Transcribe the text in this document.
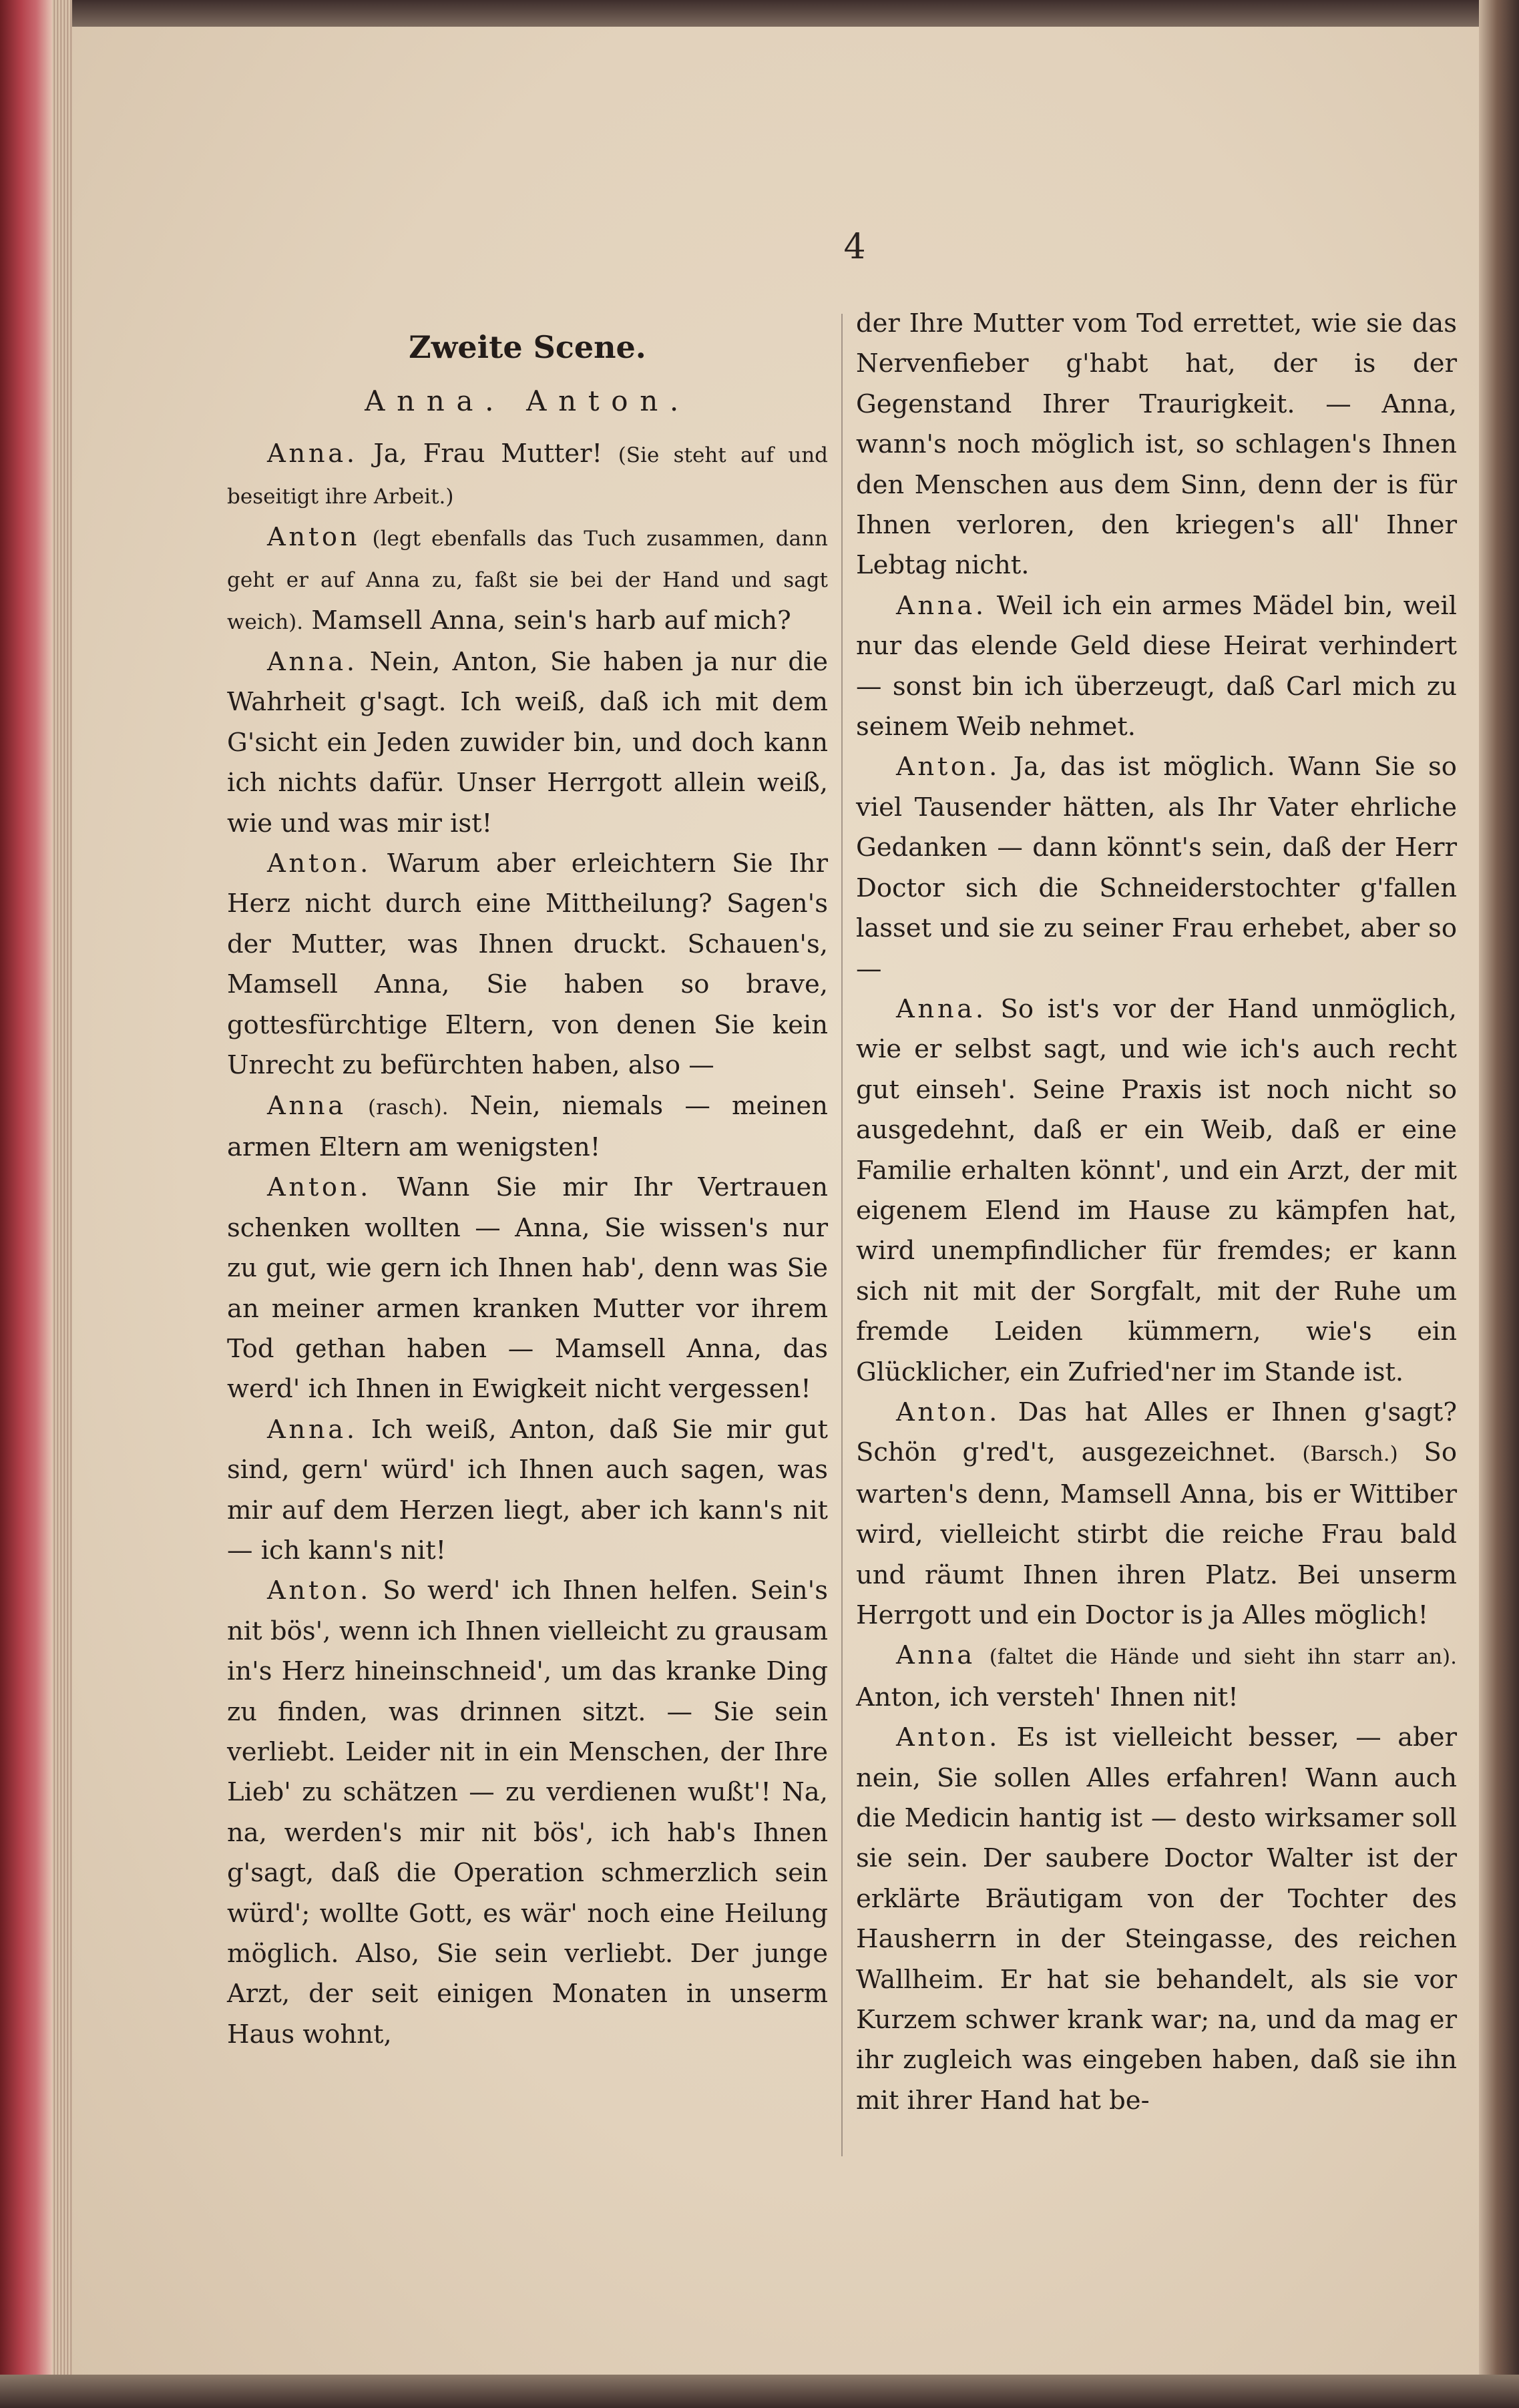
4
Zweite Scene.
Anna. Anton.

Anna. Ja, Frau Mutter! (Sie steht auf und beseitigt ihre Arbeit.)

Anton (legt ebenfalls das Tuch zusammen, dann geht er auf Anna zu, faßt sie bei der Hand und sagt weich). Mamsell Anna, sein's harb auf mich?

Anna. Nein, Anton, Sie haben ja nur die Wahrheit g'sagt. Ich weiß, daß ich mit dem G'sicht ein Jeden zuwider bin, und doch kann ich nichts dafür. Unser Herrgott allein weiß, wie und was mir ist!

Anton. Warum aber erleichtern Sie Ihr Herz nicht durch eine Mittheilung? Sagen's der Mutter, was Ihnen druckt. Schauen's, Mamsell Anna, Sie haben so brave, gottesfürchtige Eltern, von denen Sie kein Unrecht zu befürchten haben, also —

Anna (rasch). Nein, niemals — meinen armen Eltern am wenigsten!

Anton. Wann Sie mir Ihr Vertrauen schenken wollten — Anna, Sie wissen's nur zu gut, wie gern ich Ihnen hab', denn was Sie an meiner armen kranken Mutter vor ihrem Tod gethan haben — Mamsell Anna, das werd' ich Ihnen in Ewigkeit nicht vergessen!

Anna. Ich weiß, Anton, daß Sie mir gut sind, gern' würd' ich Ihnen auch sagen, was mir auf dem Herzen liegt, aber ich kann's nit — ich kann's nit!

Anton. So werd' ich Ihnen helfen. Sein's nit bös', wenn ich Ihnen vielleicht zu grausam in's Herz hineinschneid', um das kranke Ding zu finden, was drinnen sitzt. — Sie sein verliebt. Leider nit in ein Menschen, der Ihre Lieb' zu schätzen — zu verdienen wußt'! Na, na, werden's mir nit bös', ich hab's Ihnen g'sagt, daß die Operation schmerzlich sein würd'; wollte Gott, es wär' noch eine Heilung möglich. Also, Sie sein verliebt. Der junge Arzt, der seit einigen Monaten in unserm Haus wohnt,

der Ihre Mutter vom Tod errettet, wie sie das Nervenfieber g'habt hat, der is der Gegenstand Ihrer Traurigkeit. — Anna, wann's noch möglich ist, so schlagen's Ihnen den Menschen aus dem Sinn, denn der is für Ihnen verloren, den kriegen's all' Ihner Lebtag nicht.

Anna. Weil ich ein armes Mädel bin, weil nur das elende Geld diese Heirat verhindert — sonst bin ich überzeugt, daß Carl mich zu seinem Weib nehmet.

Anton. Ja, das ist möglich. Wann Sie so viel Tausender hätten, als Ihr Vater ehrliche Gedanken — dann könnt's sein, daß der Herr Doctor sich die Schneiderstochter g'fallen lasset und sie zu seiner Frau erhebet, aber so —

Anna. So ist's vor der Hand unmöglich, wie er selbst sagt, und wie ich's auch recht gut einseh'. Seine Praxis ist noch nicht so ausgedehnt, daß er ein Weib, daß er eine Familie erhalten könnt', und ein Arzt, der mit eigenem Elend im Hause zu kämpfen hat, wird unempfindlicher für fremdes; er kann sich nit mit der Sorgfalt, mit der Ruhe um fremde Leiden kümmern, wie's ein Glücklicher, ein Zufried'ner im Stande ist.

Anton. Das hat Alles er Ihnen g'sagt? Schön g'red't, ausgezeichnet. (Barsch.) So warten's denn, Mamsell Anna, bis er Wittiber wird, vielleicht stirbt die reiche Frau bald und räumt Ihnen ihren Platz. Bei unserm Herrgott und ein Doctor is ja Alles möglich!

Anna (faltet die Hände und sieht ihn starr an). Anton, ich versteh' Ihnen nit!

Anton. Es ist vielleicht besser, — aber nein, Sie sollen Alles erfahren! Wann auch die Medicin hantig ist — desto wirksamer soll sie sein. Der saubere Doctor Walter ist der erklärte Bräutigam von der Tochter des Hausherrn in der Steingasse, des reichen Wallheim. Er hat sie behandelt, als sie vor Kurzem schwer krank war; na, und da mag er ihr zugleich was eingeben haben, daß sie ihn mit ihrer Hand hat be-
